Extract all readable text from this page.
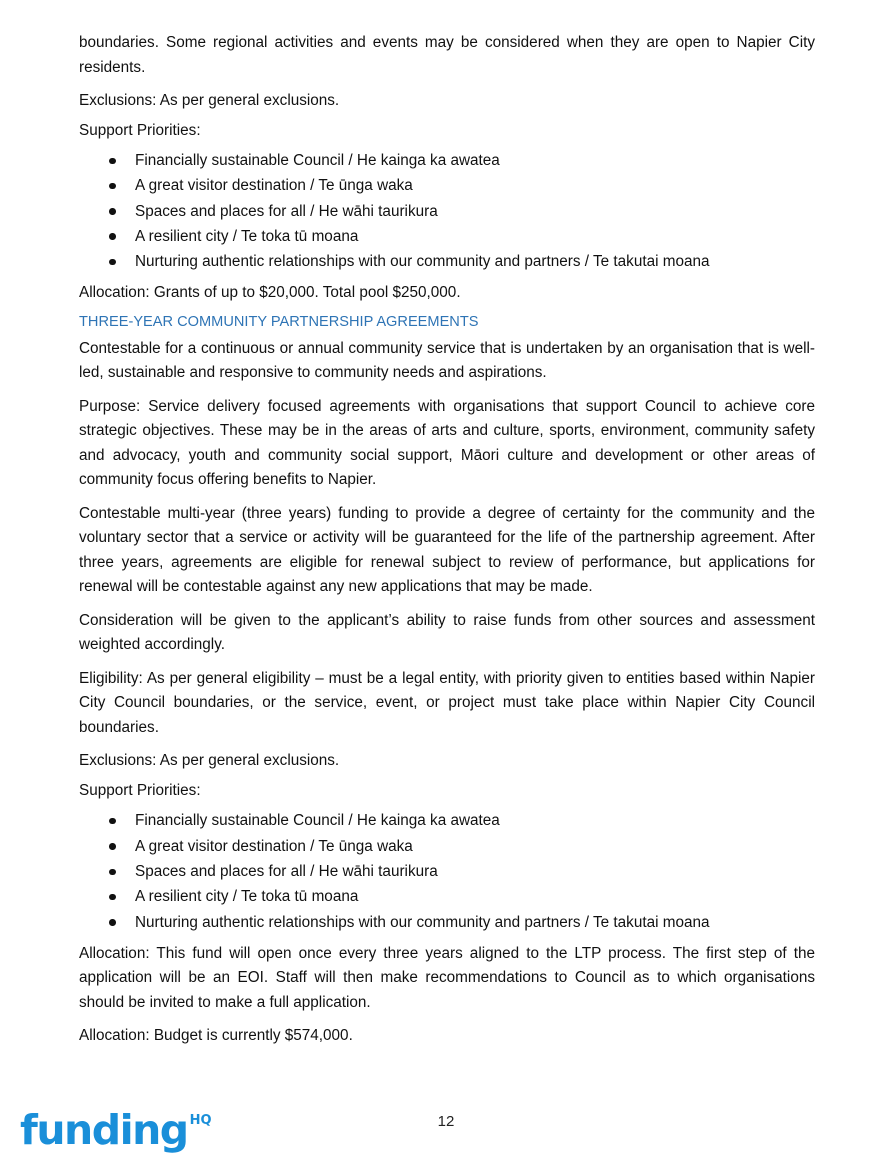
boundaries. Some regional activities and events may be considered when they are open to Napier City residents.

Exclusions: As per general exclusions.

Support Priorities:

Financially sustainable Council / He kainga ka awatea
A great visitor destination / Te ūnga waka
Spaces and places for all / He wāhi taurikura
A resilient city / Te toka tū moana
Nurturing authentic relationships with our community and partners / Te takutai moana

Allocation: Grants of up to $20,000. Total pool $250,000.

THREE-YEAR COMMUNITY PARTNERSHIP AGREEMENTS

Contestable for a continuous or annual community service that is undertaken by an organisation that is well-led, sustainable and responsive to community needs and aspirations.

Purpose: Service delivery focused agreements with organisations that support Council to achieve core strategic objectives. These may be in the areas of arts and culture, sports, environment, community safety and advocacy, youth and community social support, Māori culture and development or other areas of community focus offering benefits to Napier.

Contestable multi-year (three years) funding to provide a degree of certainty for the community and the voluntary sector that a service or activity will be guaranteed for the life of the partnership agreement. After three years, agreements are eligible for renewal subject to review of performance, but applications for renewal will be contestable against any new applications that may be made.

Consideration will be given to the applicant’s ability to raise funds from other sources and assessment weighted accordingly.

Eligibility: As per general eligibility – must be a legal entity, with priority given to entities based within Napier City Council boundaries, or the service, event, or project must take place within Napier City Council boundaries.

Exclusions: As per general exclusions.

Support Priorities:

Financially sustainable Council / He kainga ka awatea
A great visitor destination / Te ūnga waka
Spaces and places for all / He wāhi taurikura
A resilient city / Te toka tū moana
Nurturing authentic relationships with our community and partners / Te takutai moana

Allocation: This fund will open once every three years aligned to the LTP process. The first step of the application will be an EOI. Staff will then make recommendations to Council as to which organisations should be invited to make a full application.

Allocation: Budget is currently $574,000.

funding $^{HQ}$	12
